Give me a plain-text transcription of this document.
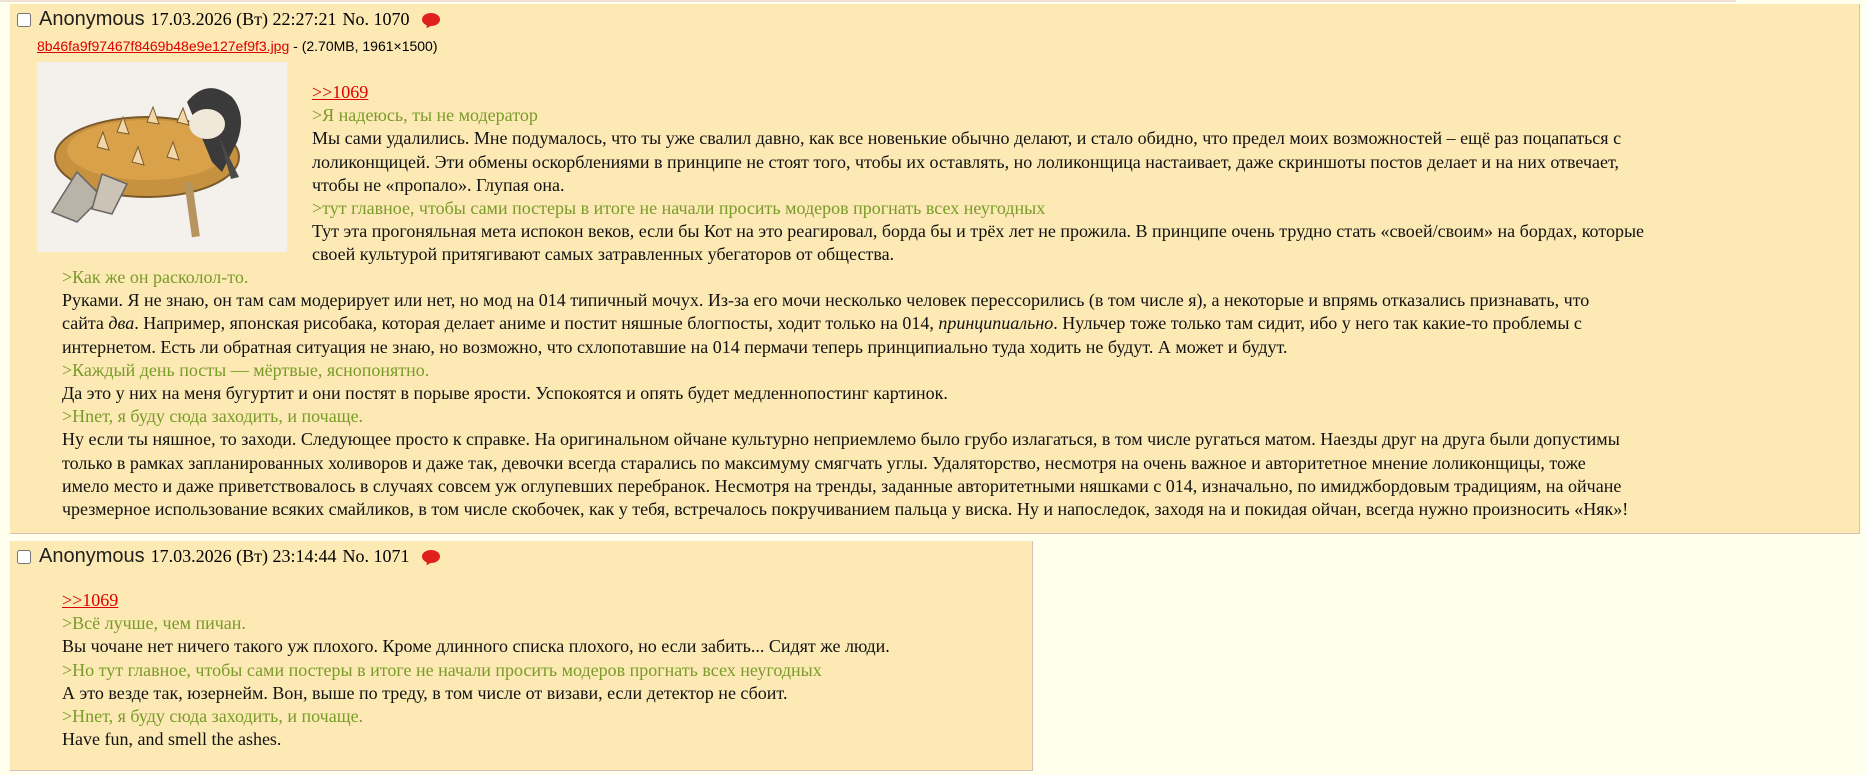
Anonymous 17.03.2026 (Вт) 22:27:21 No. 1070
8b46fa9f97467f8469b48e9e127ef9f3.jpg - (2.70MB, 1961×1500)

>>1069

>Я надеюсь, ты не модератор

Мы сами удалились. Мне подумалось, что ты уже свалил давно, как все новенькие обычно делают, и стало обидно, что предел моих возможностей – ещё раз поцапаться с

лоликонщицей. Эти обмены оскорблениями в принципе не стоят того, чтобы их оставлять, но лоликонщица настаивает, даже скриншоты постов делает и на них отвечает,

чтобы не «пропало». Глупая она.

>тут главное, чтобы сами постеры в итоге не начали просить модеров прогнать всех неугодных

Тут эта прогоняльная мета испокон веков, если бы Кот на это реагировал, борда бы и трёх лет не прожила. В принципе очень трудно стать «своей/своим» на бордах, которые

своей культурой притягивают самых затравленных убегаторов от общества.

>Как же он расколол-то.

Руками. Я не знаю, он там сам модерирует или нет, но мод на 014 типичный мочух. Из-за его мочи несколько человек перессорились (в том числе я), а некоторые и впрямь отказались признавать, что

сайта два. Например, японская рисобака, которая делает аниме и постит няшные блогпосты, ходит только на 014, принципиально. Нульчер тоже только там сидит, ибо у него так какие-то проблемы с

интернетом. Есть ли обратная ситуация не знаю, но возможно, что схлопотавшие на 014 пермачи теперь принципиально туда ходить не будут. А может и будут.

>Каждый день посты — мёртвые, яснопонятно.

Да это у них на меня бугуртит и они постят в порыве ярости. Успокоятся и опять будет медленнопостинг картинок.

>Нnет, я буду сюда заходить, и почаще.

Ну если ты няшное, то заходи. Следующее просто к справке. На оригинальном ойчане культурно неприемлемо было грубо излагаться, в том числе ругаться матом. Наезды друг на друга были допустимы

только в рамках запланированных холиворов и даже так, девочки всегда старались по максимуму смягчать углы. Удаляторство, несмотря на очень важное и авторитетное мнение лоликонщицы, тоже

имело место и даже приветствовалось в случаях совсем уж оглупевших перебранок. Несмотря на тренды, заданные авторитетными няшками с 014, изначально, по имиджбордовым традициям, на ойчане

чрезмерное использование всяких смайликов, в том числе скобочек, как у тебя, встречалось покручиванием пальца у виска. Ну и напоследок, заходя на и покидая ойчан, всегда нужно произносить «Няк»!

Anonymous 17.03.2026 (Вт) 23:14:44 No. 1071

>>1069

>Всё лучше, чем пичан.

Вы чочане нет ничего такого уж плохого. Кроме длинного списка плохого, но если забить... Сидят же люди.

>Но тут главное, чтобы сами постеры в итоге не начали просить модеров прогнать всех неугодных

А это везде так, юзернейм. Вон, выше по треду, в том числе от визави, если детектор не сбоит.

>Нnет, я буду сюда заходить, и почаще.

Have fun, and smell the ashes.
